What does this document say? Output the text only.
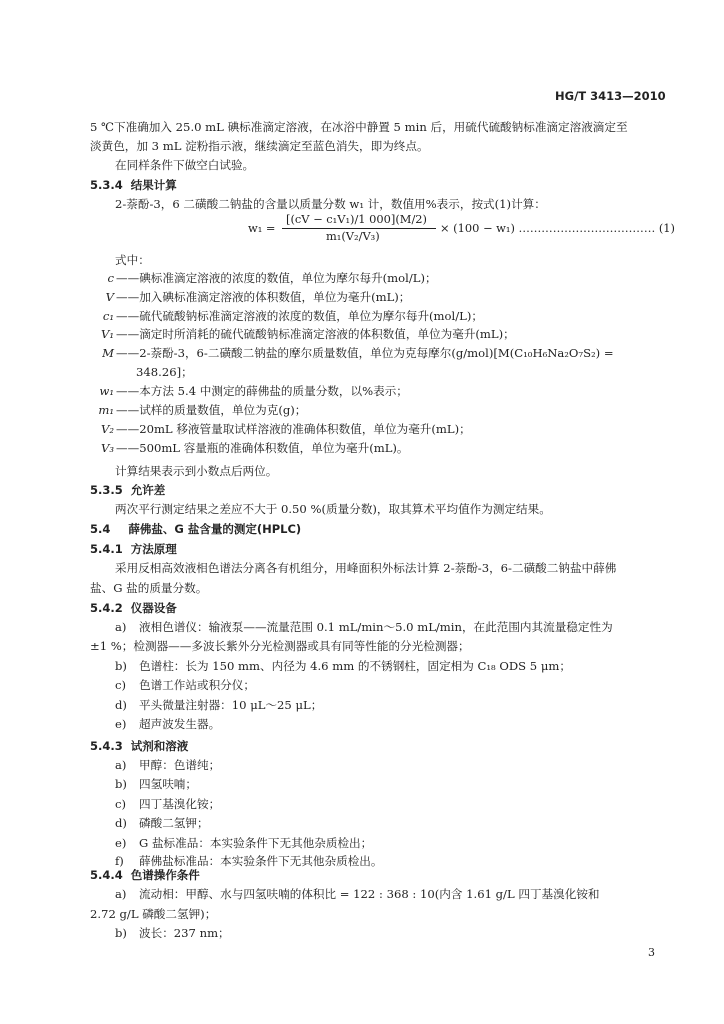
HG/T 3413—2010
5 ℃下准确加入 25.0 mL 碘标准滴定溶液，在冰浴中静置 5 min 后，用硫代硫酸钠标准滴定溶液滴定至
淡黄色，加 3 mL 淀粉指示液，继续滴定至蓝色消失，即为终点。
在同样条件下做空白试验。
5.3.4 结果计算
2-萘酚-3，6 二磺酸二钠盐的含量以质量分数 w₁ 计，数值用%表示，按式(1)计算：
w₁ =
[(cV − c₁V₁)/1 000](M/2)
m₁(V₂/V₃)
× (100 − w₁) ……………………………… (1)
式中：
c ——碘标准滴定溶液的浓度的数值，单位为摩尔每升(mol/L)；
V ——加入碘标准滴定溶液的体积数值，单位为毫升(mL)；
c₁ ——硫代硫酸钠标准滴定溶液的浓度的数值，单位为摩尔每升(mol/L)；
V₁ ——滴定时所消耗的硫代硫酸钠标准滴定溶液的体积数值，单位为毫升(mL)；
M ——2-萘酚-3，6-二磺酸二钠盐的摩尔质量数值，单位为克每摩尔(g/mol)[M(C₁₀H₆Na₂O₇S₂) =
348.26]；
w₁ ——本方法 5.4 中测定的薛佛盐的质量分数，以%表示；
m₁ ——试样的质量数值，单位为克(g)；
V₂ ——20mL 移液管量取试样溶液的准确体积数值，单位为毫升(mL)；
V₃ ——500mL 容量瓶的准确体积数值，单位为毫升(mL)。
计算结果表示到小数点后两位。
5.3.5 允许差
两次平行测定结果之差应不大于 0.50 %(质量分数)，取其算术平均值作为测定结果。
5.4 薛佛盐、G 盐含量的测定(HPLC)
5.4.1 方法原理
采用反相高效液相色谱法分离各有机组分，用峰面积外标法计算 2-萘酚-3，6-二磺酸二钠盐中薛佛
盐、G 盐的质量分数。
5.4.2 仪器设备
a) 液相色谱仪：输液泵——流量范围 0.1 mL/min～5.0 mL/min，在此范围内其流量稳定性为
±1 %；检测器——多波长紫外分光检测器或具有同等性能的分光检测器；
b) 色谱柱：长为 150 mm、内径为 4.6 mm 的不锈钢柱，固定相为 C₁₈ ODS 5 μm；
c) 色谱工作站或积分仪；
d) 平头微量注射器：10 μL～25 μL；
e) 超声波发生器。
5.4.3 试剂和溶液
a) 甲醇：色谱纯；
b) 四氢呋喃；
c) 四丁基溴化铵；
d) 磷酸二氢钾；
e) G 盐标准品：本实验条件下无其他杂质检出；
f) 薛佛盐标准品：本实验条件下无其他杂质检出。
5.4.4 色谱操作条件
a) 流动相：甲醇、水与四氢呋喃的体积比 = 122 : 368 : 10(内含 1.61 g/L 四丁基溴化铵和
2.72 g/L 磷酸二氢钾)；
b) 波长：237 nm；
3
